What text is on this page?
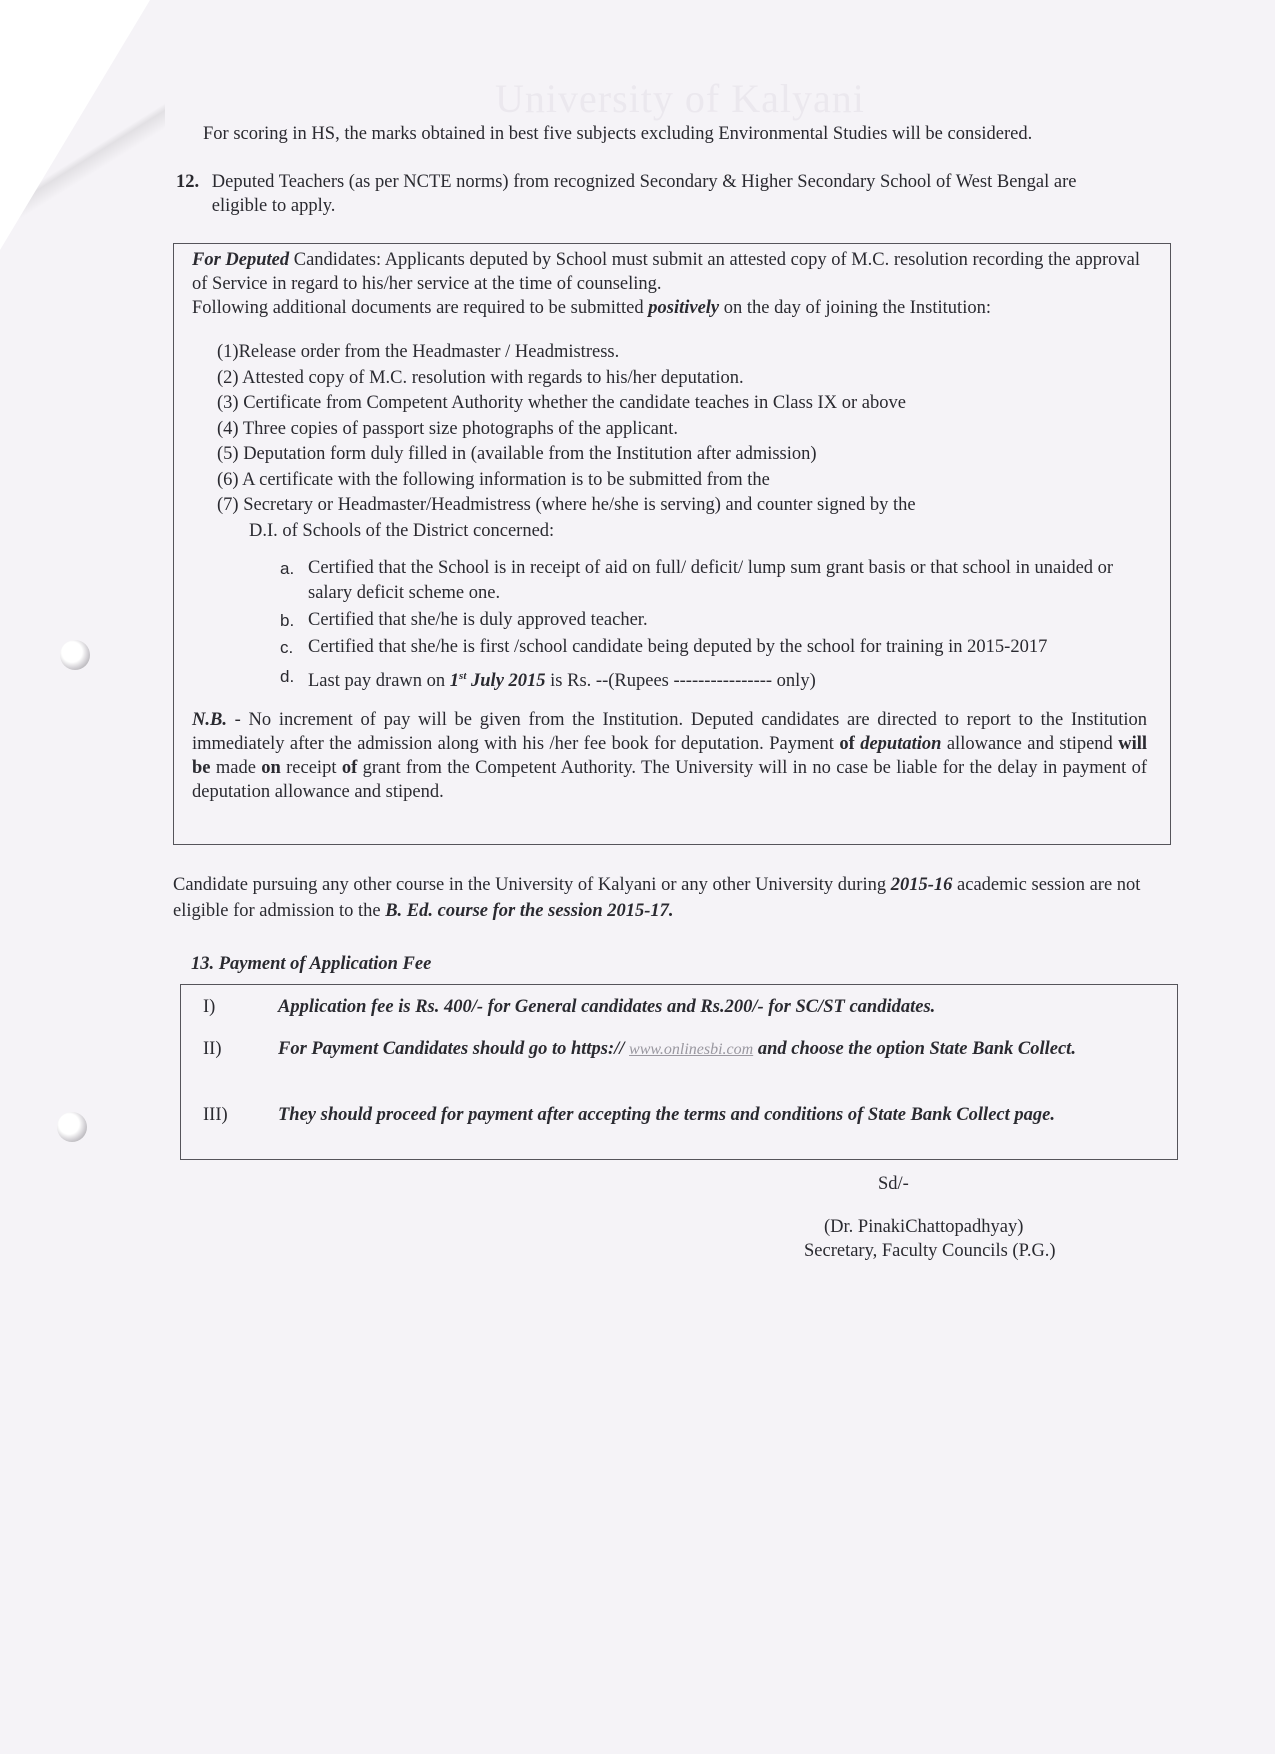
University of Kalyani

For scoring in HS, the marks obtained in best five subjects excluding Environmental Studies will be considered.

12. Deputed Teachers (as per NCTE norms) from recognized Secondary & Higher Secondary School of West Bengal are eligible to apply.

For Deputed Candidates: Applicants deputed by School must submit an attested copy of M.C. resolution recording the approval of Service in regard to his/her service at the time of counseling.
Following additional documents are required to be submitted positively on the day of joining the Institution:

(1)Release order from the Headmaster / Headmistress.
(2) Attested copy of M.C. resolution with regards to his/her deputation.
(3) Certificate from Competent Authority whether the candidate teaches in Class IX or above
(4) Three copies of passport size photographs of the applicant.
(5) Deputation form duly filled in (available from the Institution after admission)
(6) A certificate with the following information is to be submitted from the
(7) Secretary or Headmaster/Headmistress (where he/she is serving) and counter signed by the
D.I. of Schools of the District concerned:
a. Certified that the School is in receipt of aid on full/ deficit/ lump sum grant basis or that school in unaided or salary deficit scheme one.
b. Certified that she/he is duly approved teacher.
c. Certified that she/he is first /school candidate being deputed by the school for training in 2015-2017
d. Last pay drawn on 1st July 2015 is Rs. --(Rupees ---------------- only)

N.B. - No increment of pay will be given from the Institution. Deputed candidates are directed to report to the Institution immediately after the admission along with his /her fee book for deputation. Payment of deputation allowance and stipend will be made on receipt of grant from the Competent Authority. The University will in no case be liable for the delay in payment of deputation allowance and stipend.

Candidate pursuing any other course in the University of Kalyani or any other University during 2015-16 academic session are not eligible for admission to the B. Ed. course for the session 2015-17.

13. Payment of Application Fee

I)	Application fee is Rs. 400/- for General candidates and Rs.200/- for SC/ST candidates.
II)	For Payment Candidates should go to https:// www.onlinesbi.com and choose the option State Bank Collect.
III)	They should proceed for payment after accepting the terms and conditions of State Bank Collect page.

Sd/-

(Dr. PinakiChattopadhyay)

Secretary, Faculty Councils (P.G.)
